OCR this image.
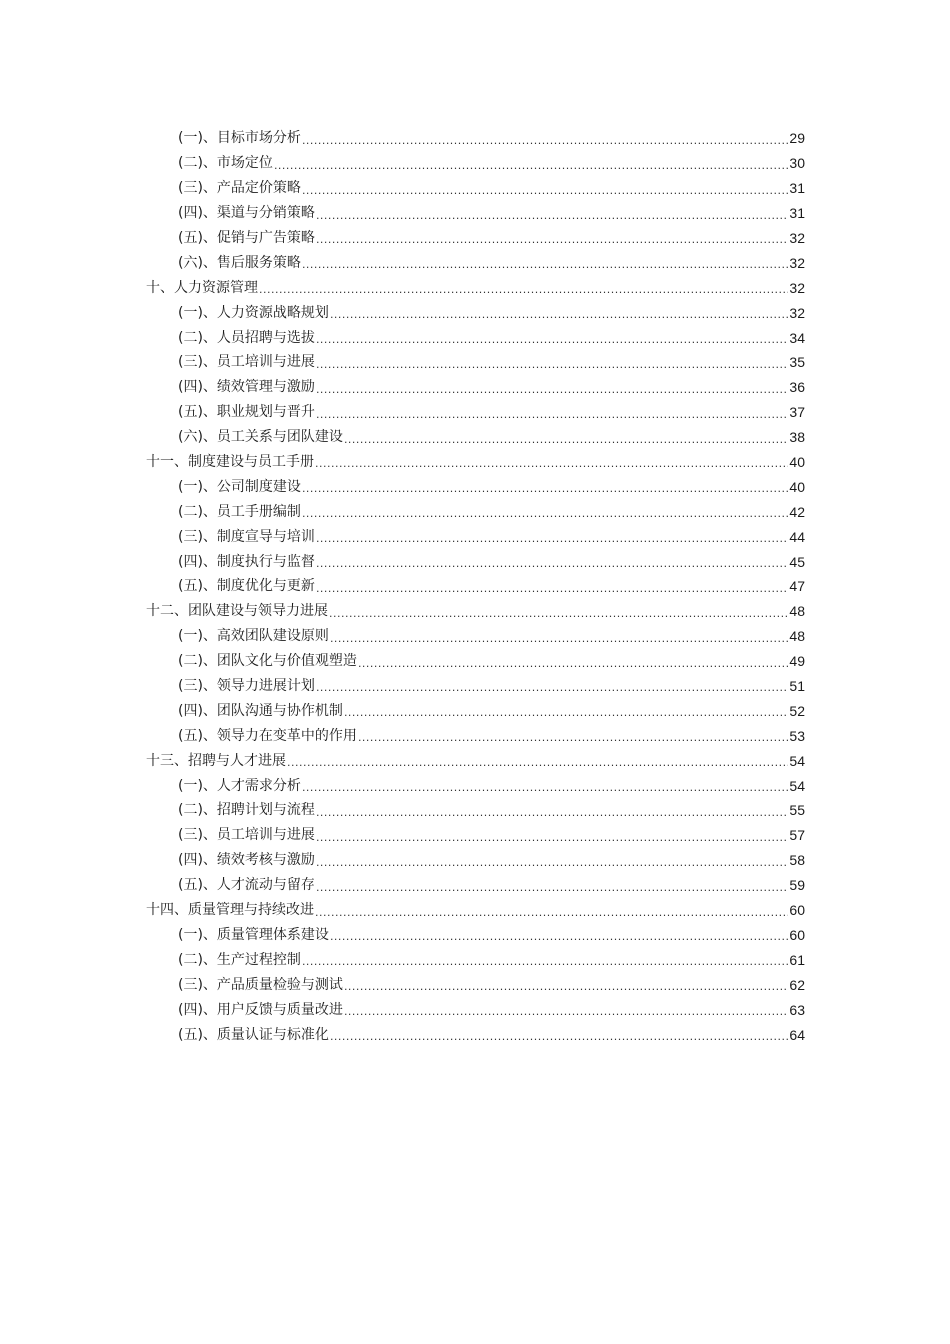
(一)、目标市场分析 .....	29
(二)、市场定位 .....	30
(三)、产品定价策略 .....	31
(四)、渠道与分销策略 .....	31
(五)、促销与广告策略 .....	32
(六)、售后服务策略 .....	32
十、人力资源管理 .....	32
(一)、人力资源战略规划 .....	32
(二)、人员招聘与选拔 .....	34
(三)、员工培训与进展 .....	35
(四)、绩效管理与激励 .....	36
(五)、职业规划与晋升 .....	37
(六)、员工关系与团队建设 .....	38
十一、制度建设与员工手册 .....	40
(一)、公司制度建设 .....	40
(二)、员工手册编制 .....	42
(三)、制度宣导与培训 .....	44
(四)、制度执行与监督 .....	45
(五)、制度优化与更新 .....	47
十二、团队建设与领导力进展 .....	48
(一)、高效团队建设原则 .....	48
(二)、团队文化与价值观塑造 .....	49
(三)、领导力进展计划 .....	51
(四)、团队沟通与协作机制 .....	52
(五)、领导力在变革中的作用 .....	53
十三、招聘与人才进展 .....	54
(一)、人才需求分析 .....	54
(二)、招聘计划与流程 .....	55
(三)、员工培训与进展 .....	57
(四)、绩效考核与激励 .....	58
(五)、人才流动与留存 .....	59
十四、质量管理与持续改进 .....	60
(一)、质量管理体系建设 .....	60
(二)、生产过程控制 .....	61
(三)、产品质量检验与测试 .....	62
(四)、用户反馈与质量改进 .....	63
(五)、质量认证与标准化 .....	64
